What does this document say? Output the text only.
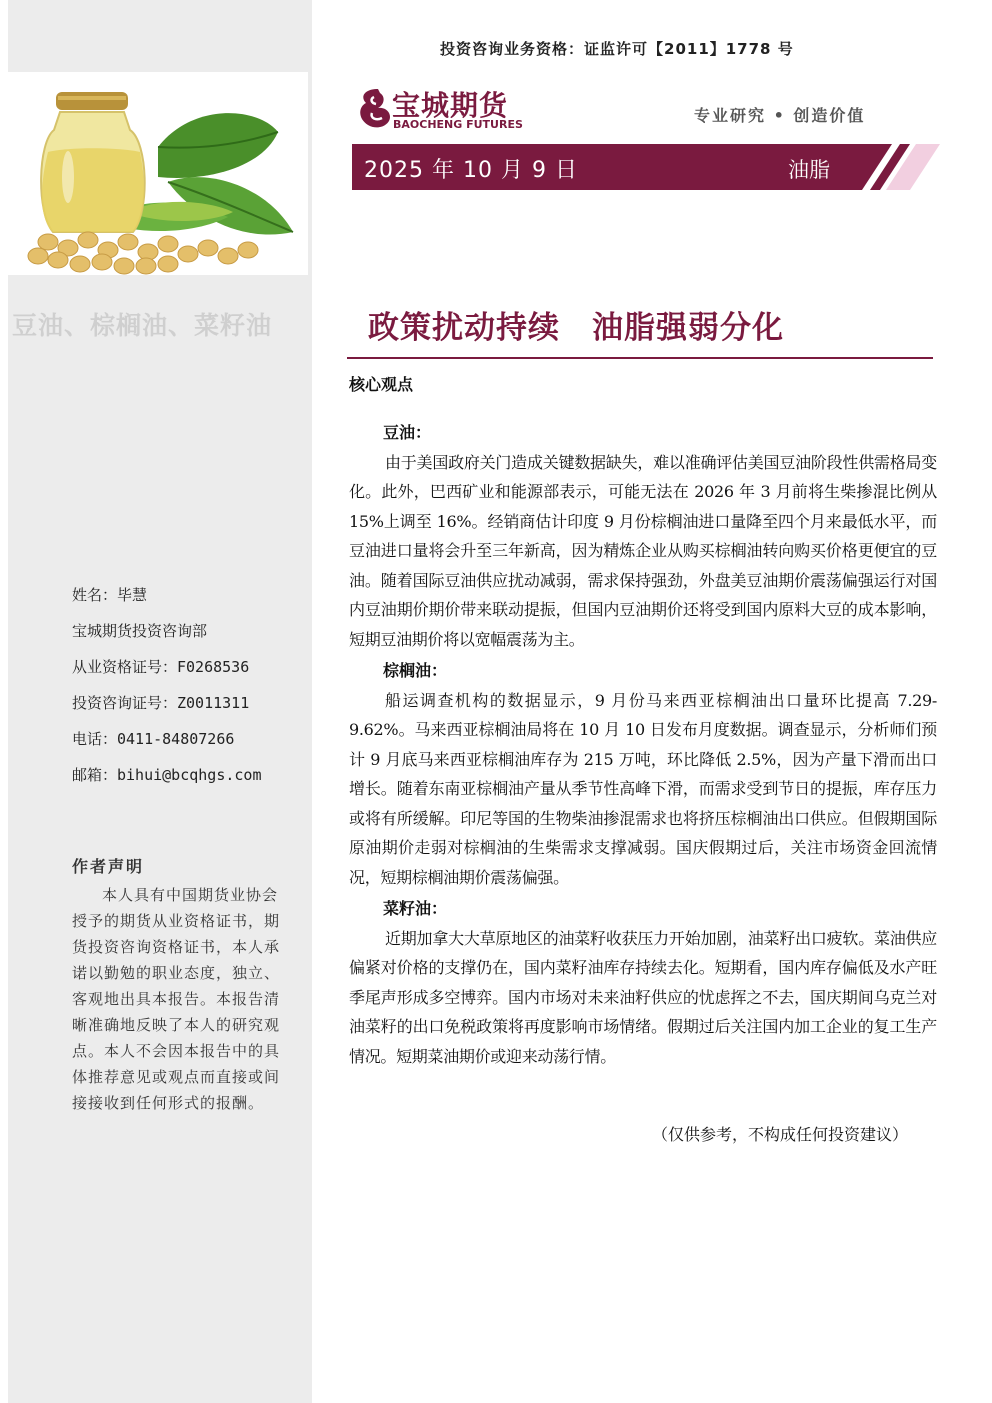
豆油、棕榈油、菜籽油
姓名：毕慧
宝城期货投资咨询部
从业资格证号：F0268536
投资咨询证号：Z0011311
电话：0411-84807266
邮箱：bihui@bcqhgs.com
作者声明
本人具有中国期货业协会授予的期货从业资格证书，期货投资咨询资格证书，本人承诺以勤勉的职业态度，独立、客观地出具本报告。本报告清晰准确地反映了本人的研究观点。本人不会因本报告中的具体推荐意见或观点而直接或间接接收到任何形式的报酬。
投资咨询业务资格：证监许可【2011】1778 号
宝城期货
BAOCHENG FUTURES	专业研究 • 创造价值
2025 年 10 月 9 日	油脂
政策扰动持续　油脂强弱分化
核心观点
豆油：

由于美国政府关门造成关键数据缺失，难以准确评估美国豆油阶段性供需格局变化。此外，巴西矿业和能源部表示，可能无法在 2026 年 3 月前将生柴掺混比例从 15%上调至 16%。经销商估计印度 9 月份棕榈油进口量降至四个月来最低水平，而豆油进口量将会升至三年新高，因为精炼企业从购买棕榈油转向购买价格更便宜的豆油。随着国际豆油供应扰动减弱，需求保持强劲，外盘美豆油期价震荡偏强运行对国内豆油期价期价带来联动提振，但国内豆油期价还将受到国内原料大豆的成本影响，短期豆油期价将以宽幅震荡为主。

棕榈油：

船运调查机构的数据显示，9 月份马来西亚棕榈油出口量环比提高 7.29-9.62%。马来西亚棕榈油局将在 10 月 10 日发布月度数据。调查显示，分析师们预计 9 月底马来西亚棕榈油库存为 215 万吨，环比降低 2.5%，因为产量下滑而出口增长。随着东南亚棕榈油产量从季节性高峰下滑，而需求受到节日的提振，库存压力或将有所缓解。印尼等国的生物柴油掺混需求也将挤压棕榈油出口供应。但假期国际原油期价走弱对棕榈油的生柴需求支撑减弱。国庆假期过后，关注市场资金回流情况，短期棕榈油期价震荡偏强。

菜籽油：

近期加拿大大草原地区的油菜籽收获压力开始加剧，油菜籽出口疲软。菜油供应偏紧对价格的支撑仍在，国内菜籽油库存持续去化。短期看，国内库存偏低及水产旺季尾声形成多空博弈。国内市场对未来油籽供应的忧虑挥之不去，国庆期间乌克兰对油菜籽的出口免税政策将再度影响市场情绪。假期过后关注国内加工企业的复工生产情况。短期菜油期价或迎来动荡行情。

（仅供参考，不构成任何投资建议）
